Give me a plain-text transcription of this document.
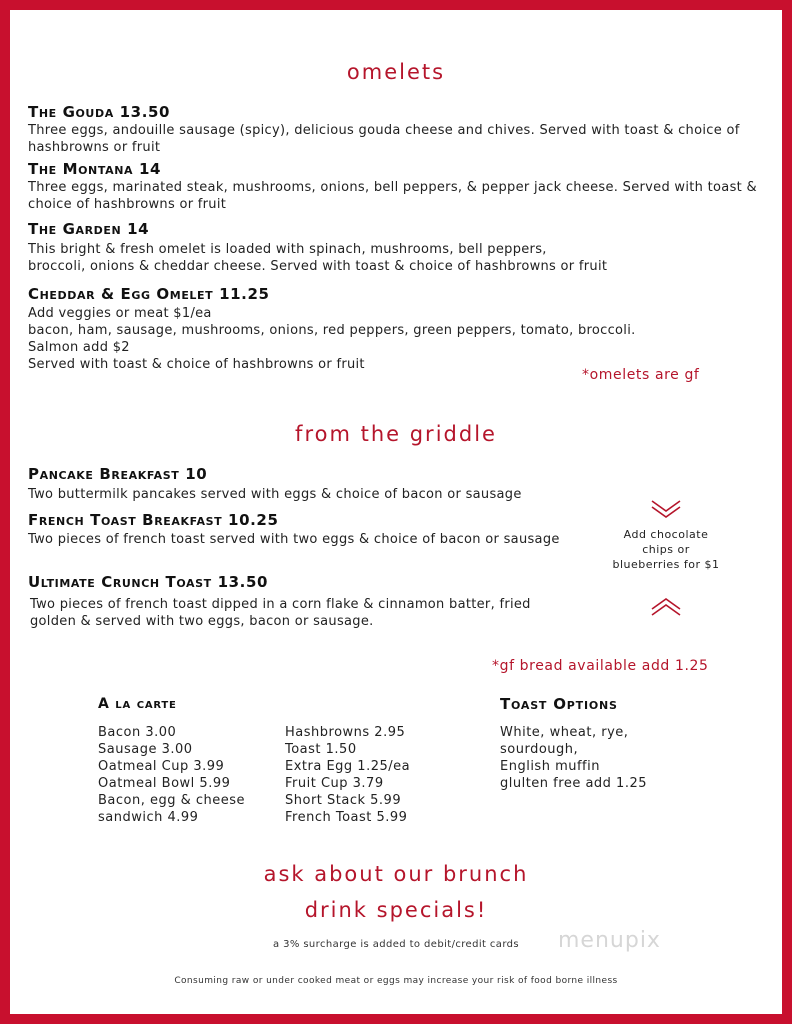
omelets
The Gouda 13.50
Three eggs, andouille sausage (spicy), delicious gouda cheese and chives. Served with toast & choice of hashbrowns or fruit
The Montana 14
Three eggs, marinated steak, mushrooms, onions, bell peppers, & pepper jack cheese. Served with toast & choice of hashbrowns or fruit
The Garden 14
This bright & fresh omelet is loaded with spinach, mushrooms, bell peppers,
broccoli, onions & cheddar cheese. Served with toast & choice of hashbrowns or fruit
Cheddar & Egg Omelet 11.25
Add veggies or meat $1/ea
bacon, ham, sausage, mushrooms, onions, red peppers, green peppers, tomato, broccoli.
Salmon add $2
Served with toast & choice of hashbrowns or fruit
*omelets are gf
from the griddle
Pancake Breakfast 10
Two buttermilk pancakes served with eggs & choice of bacon or sausage
French Toast Breakfast 10.25
Two pieces of french toast served with two eggs & choice of bacon or sausage
Ultimate Crunch Toast 13.50
Two pieces of french toast dipped in a corn flake & cinnamon batter, fried golden & served with two eggs, bacon or sausage.
Add chocolate chips or blueberries for $1
*gf bread available add 1.25
A la carte
Bacon 3.00
Sausage 3.00
Oatmeal Cup 3.99
Oatmeal Bowl 5.99
Bacon, egg & cheese
sandwich 4.99
Hashbrowns 2.95
Toast 1.50
Extra Egg 1.25/ea
Fruit Cup 3.79
Short Stack 5.99
French Toast 5.99
Toast Options
White, wheat, rye,
sourdough,
English muffin
glulten free add 1.25
ask about our brunch
drink specials!
a 3% surcharge is added to debit/credit cards	menupix
Consuming raw or under cooked meat or eggs may increase your risk of food borne illness
